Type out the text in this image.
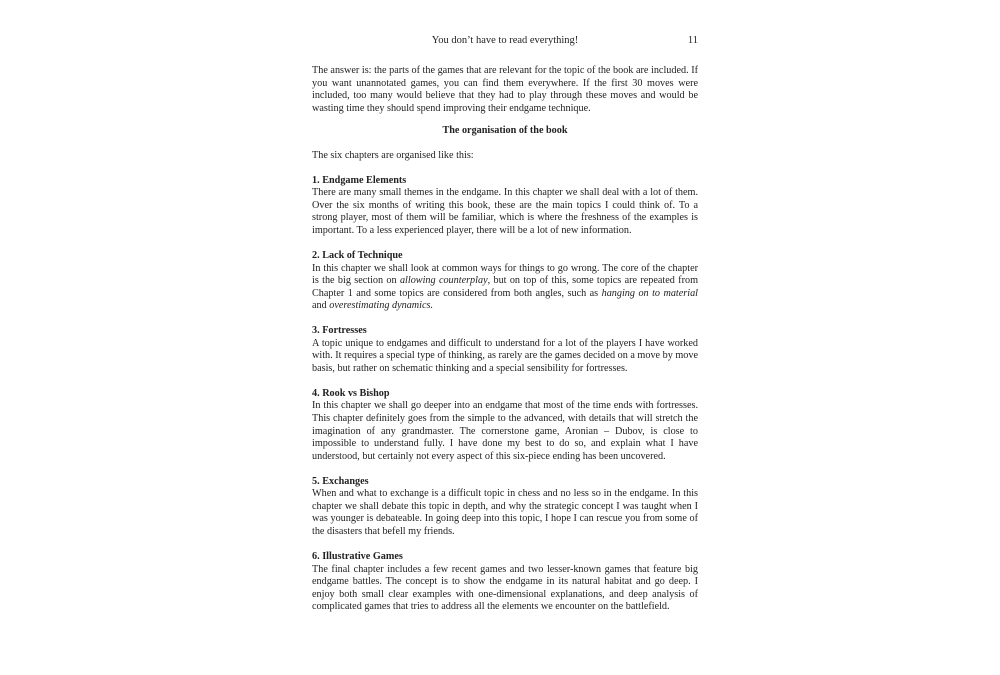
You don’t have to read everything!	11

The answer is: the parts of the games that are relevant for the topic of the book are included. If you want unannotated games, you can find them everywhere. If the first 30 moves were included, too many would believe that they had to play through these moves and would be wasting time they should spend improving their endgame technique.

The organisation of the book

The six chapters are organised like this:

1. Endgame Elements

There are many small themes in the endgame. In this chapter we shall deal with a lot of them. Over the six months of writing this book, these are the main topics I could think of. To a strong player, most of them will be familiar, which is where the freshness of the examples is important. To a less experienced player, there will be a lot of new information.

2. Lack of Technique

In this chapter we shall look at common ways for things to go wrong. The core of the chapter is the big section on allowing counterplay, but on top of this, some topics are repeated from Chapter 1 and some topics are considered from both angles, such as hanging on to material and overestimating dynamics.

3. Fortresses

A topic unique to endgames and difficult to understand for a lot of the players I have worked with. It requires a special type of thinking, as rarely are the games decided on a move by move basis, but rather on schematic thinking and a special sensibility for fortresses.

4. Rook vs Bishop

In this chapter we shall go deeper into an endgame that most of the time ends with fortresses. This chapter definitely goes from the simple to the advanced, with details that will stretch the imagination of any grandmaster. The cornerstone game, Aronian – Dubov, is close to impossible to understand fully. I have done my best to do so, and explain what I have understood, but certainly not every aspect of this six-piece ending has been uncovered.

5. Exchanges

When and what to exchange is a difficult topic in chess and no less so in the endgame. In this chapter we shall debate this topic in depth, and why the strategic concept I was taught when I was younger is debateable. In going deep into this topic, I hope I can rescue you from some of the disasters that befell my friends.

6. Illustrative Games

The final chapter includes a few recent games and two lesser-known games that feature big endgame battles. The concept is to show the endgame in its natural habitat and go deep. I enjoy both small clear examples with one-dimensional explanations, and deep analysis of complicated games that tries to address all the elements we encounter on the battlefield.
